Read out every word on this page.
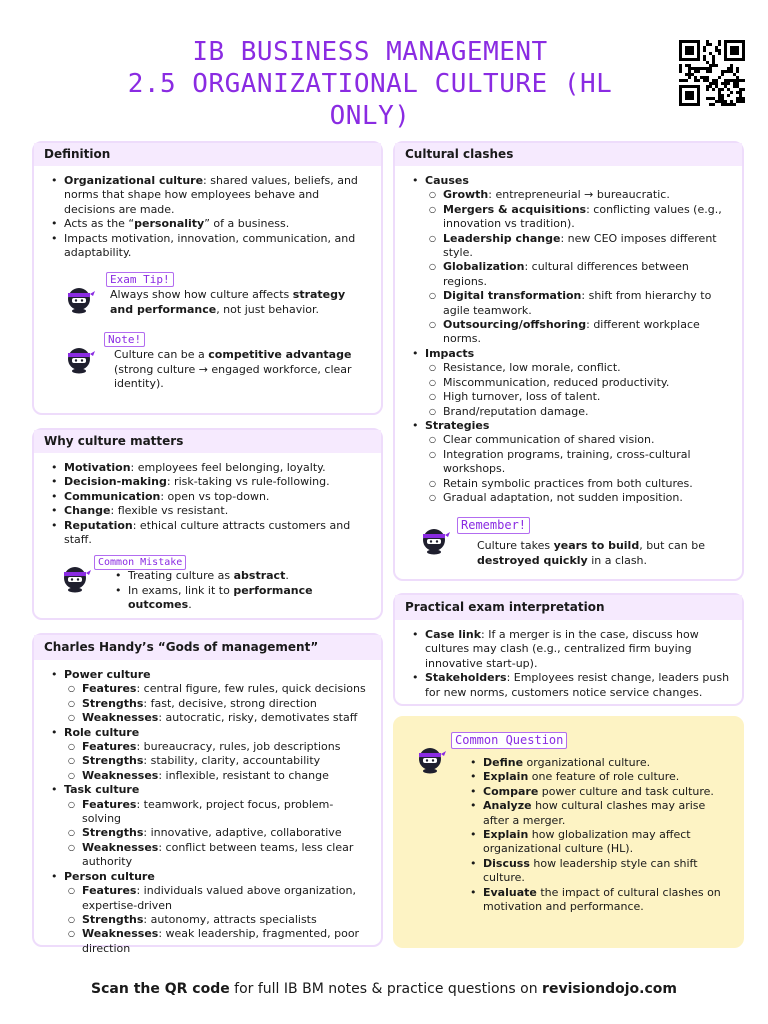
IB BUSINESS MANAGEMENT
2.5 ORGANIZATIONAL CULTURE (HL ONLY)
Definition
• Organizational culture: shared values, beliefs, and norms that shape how employees behave and decisions are made.
• Acts as the “personality” of a business.
• Impacts motivation, innovation, communication, and adaptability.
Exam Tip!
Always show how culture affects strategy and performance, not just behavior.
Note!
Culture can be a competitive advantage (strong culture → engaged workforce, clear identity).
Why culture matters
• Motivation: employees feel belonging, loyalty.
• Decision-making: risk-taking vs rule-following.
• Communication: open vs top-down.
• Change: flexible vs resistant.
• Reputation: ethical culture attracts customers and staff.
Common Mistake
• Treating culture as abstract.
• In exams, link it to performance outcomes.
Charles Handy’s “Gods of management”
• Power culture
○ Features: central figure, few rules, quick decisions
○ Strengths: fast, decisive, strong direction
○ Weaknesses: autocratic, risky, demotivates staff
• Role culture
○ Features: bureaucracy, rules, job descriptions
○ Strengths: stability, clarity, accountability
○ Weaknesses: inflexible, resistant to change
• Task culture
○ Features: teamwork, project focus, problem-solving
○ Strengths: innovative, adaptive, collaborative
○ Weaknesses: conflict between teams, less clear authority
• Person culture
○ Features: individuals valued above organization, expertise-driven
○ Strengths: autonomy, attracts specialists
○ Weaknesses: weak leadership, fragmented, poor direction
Cultural clashes
• Causes
○ Growth: entrepreneurial → bureaucratic.
○ Mergers & acquisitions: conflicting values (e.g., innovation vs tradition).
○ Leadership change: new CEO imposes different style.
○ Globalization: cultural differences between regions.
○ Digital transformation: shift from hierarchy to agile teamwork.
○ Outsourcing/offshoring: different workplace norms.
• Impacts
○ Resistance, low morale, conflict.
○ Miscommunication, reduced productivity.
○ High turnover, loss of talent.
○ Brand/reputation damage.
• Strategies
○ Clear communication of shared vision.
○ Integration programs, training, cross-cultural workshops.
○ Retain symbolic practices from both cultures.
○ Gradual adaptation, not sudden imposition.
Remember!
Culture takes years to build, but can be destroyed quickly in a clash.
Practical exam interpretation
• Case link: If a merger is in the case, discuss how cultures may clash (e.g., centralized firm buying innovative start-up).
• Stakeholders: Employees resist change, leaders push for new norms, customers notice service changes.
Common Question
• Define organizational culture.
• Explain one feature of role culture.
• Compare power culture and task culture.
• Analyze how cultural clashes may arise after a merger.
• Explain how globalization may affect organizational culture (HL).
• Discuss how leadership style can shift culture.
• Evaluate the impact of cultural clashes on motivation and performance.
Scan the QR code for full IB BM notes & practice questions on revisiondojo.com
